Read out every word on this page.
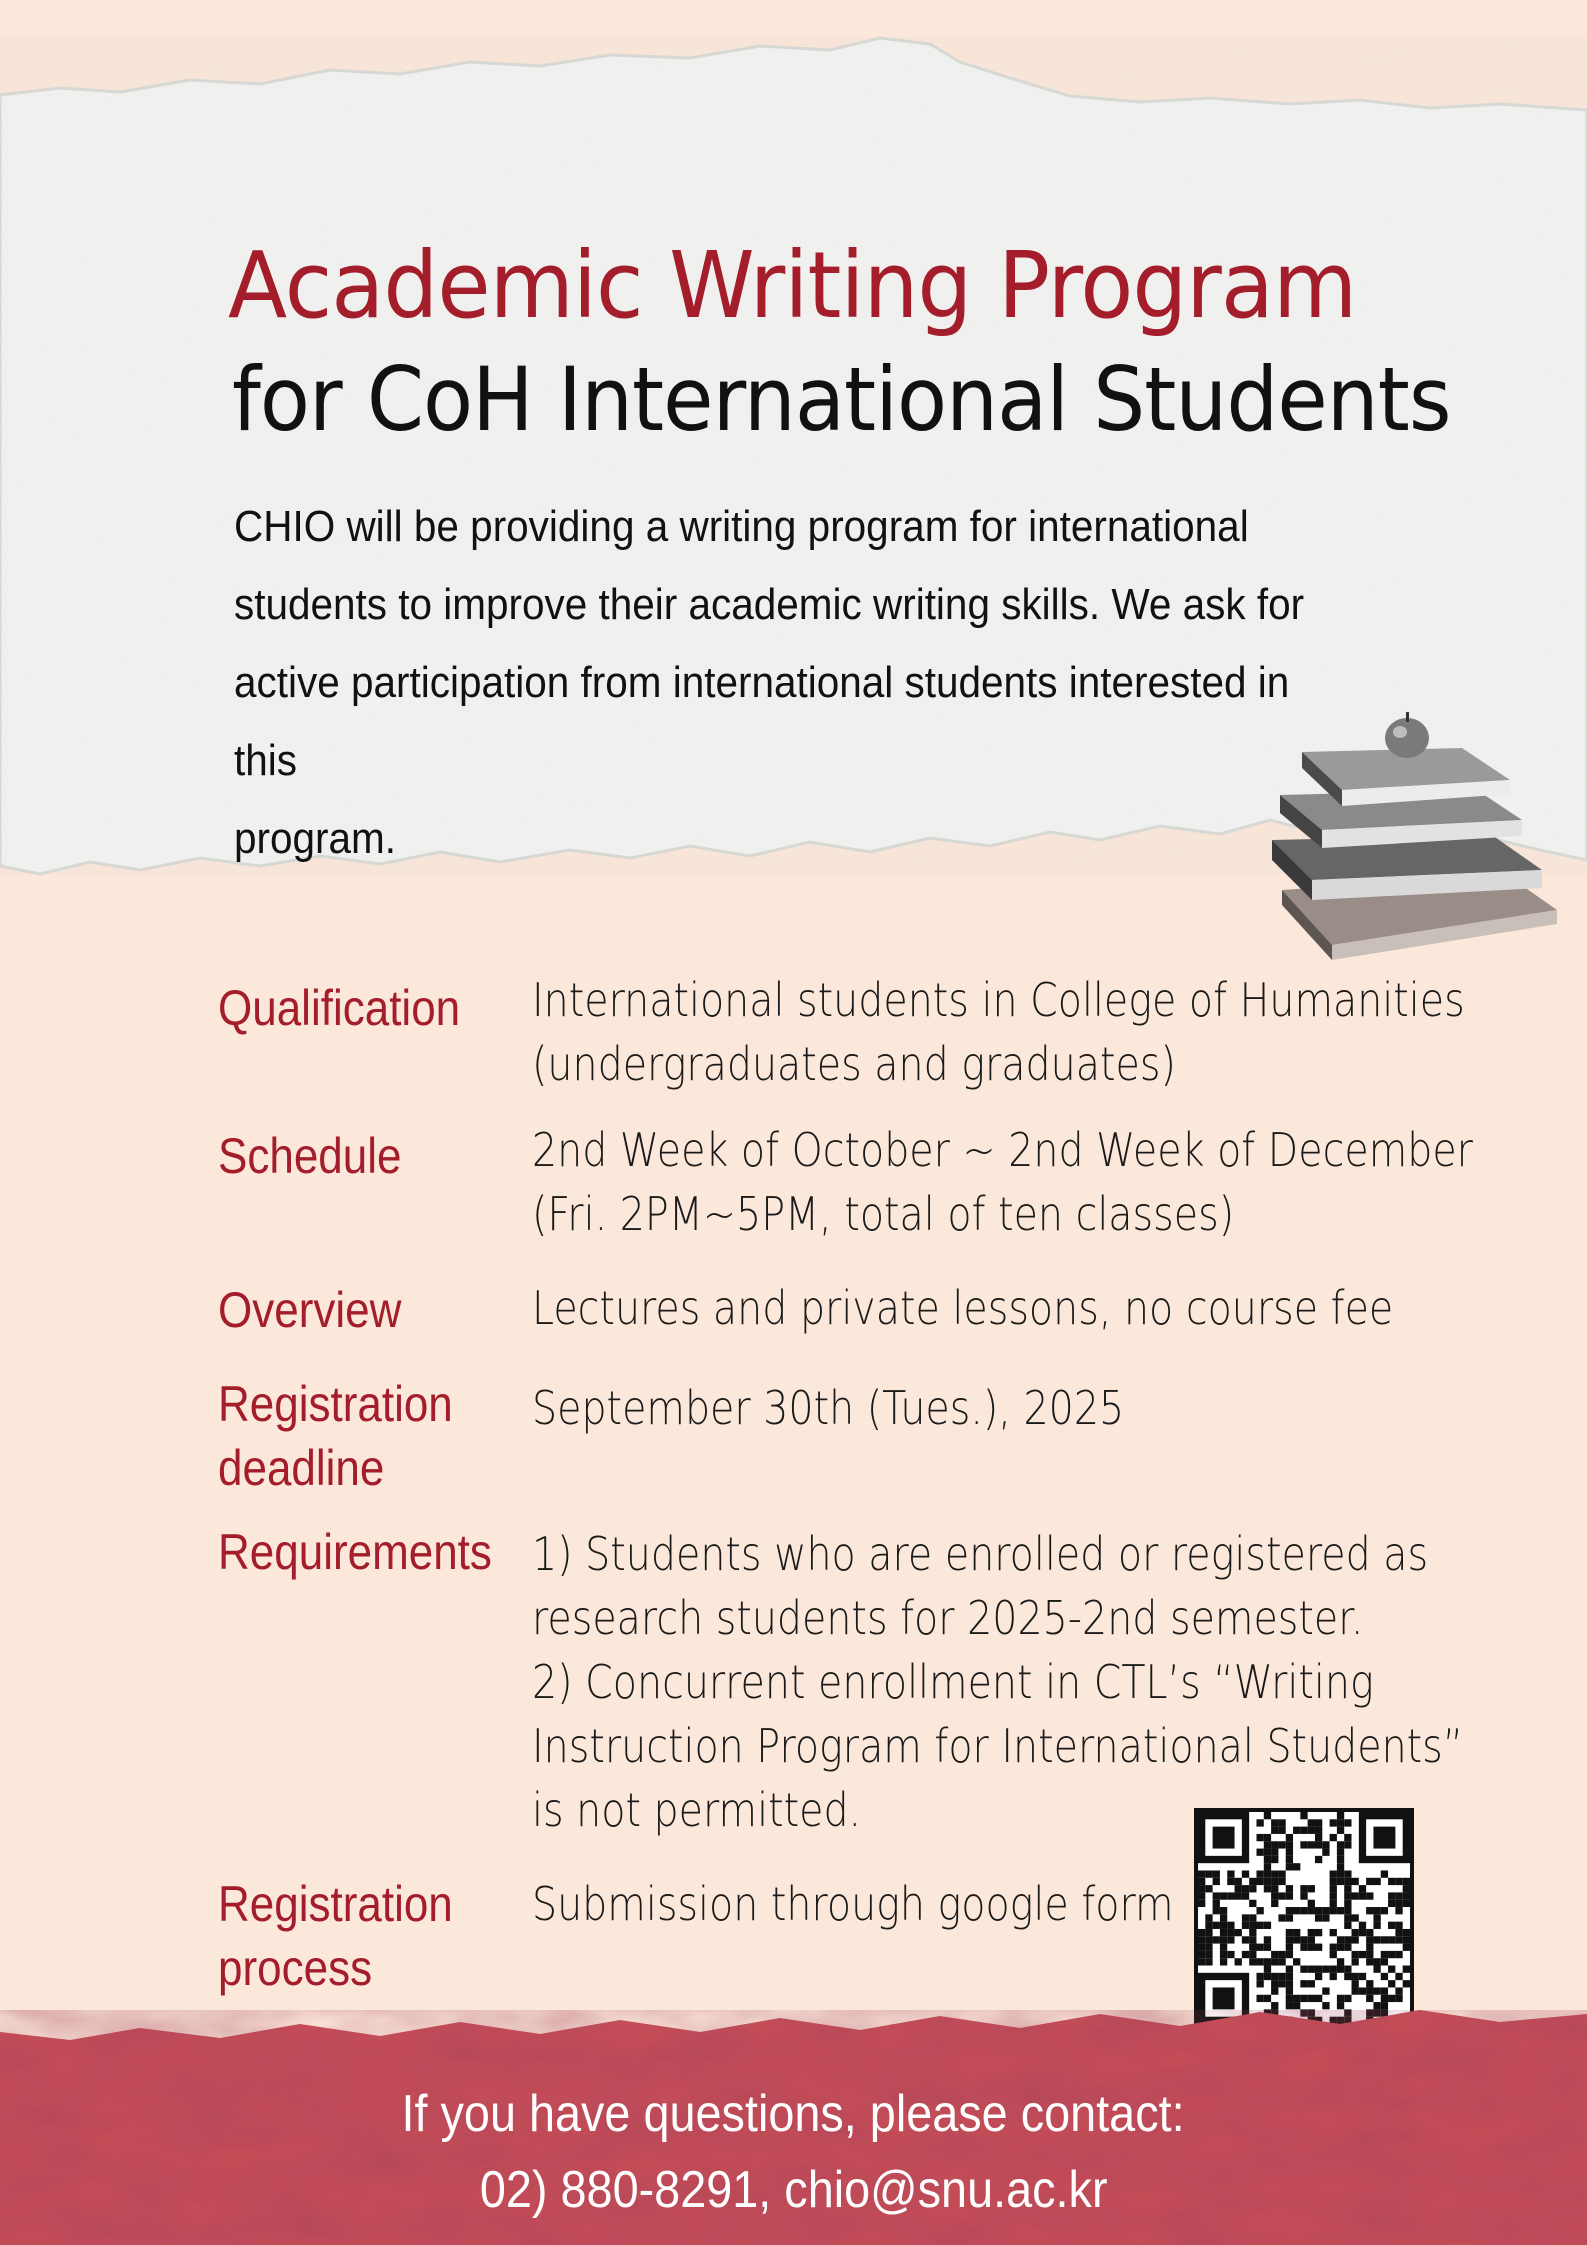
Academic Writing Program
for CoH International Students
CHIO will be providing a writing program for international
students to improve their academic writing skills. We ask for
active participation from international students interested in this
program.
Qualification International students in College of Humanities
(undergraduates and graduates)
Schedule	2nd Week of October ~ 2nd Week of December
(Fri. 2PM~5PM, total of ten classes)
Overview	Lectures and private lessons, no course fee
Registration
deadline
September 30th (Tues.), 2025
Requirements 1) Students who are enrolled or registered as
research students for 2025-2nd semester.
2) Concurrent enrollment in CTL’s “Writing
Instruction Program for International Students”
is not permitted.
Registration
process
Submission through google form
If you have questions, please contact:
02) 880-8291, chio@snu.ac.kr
